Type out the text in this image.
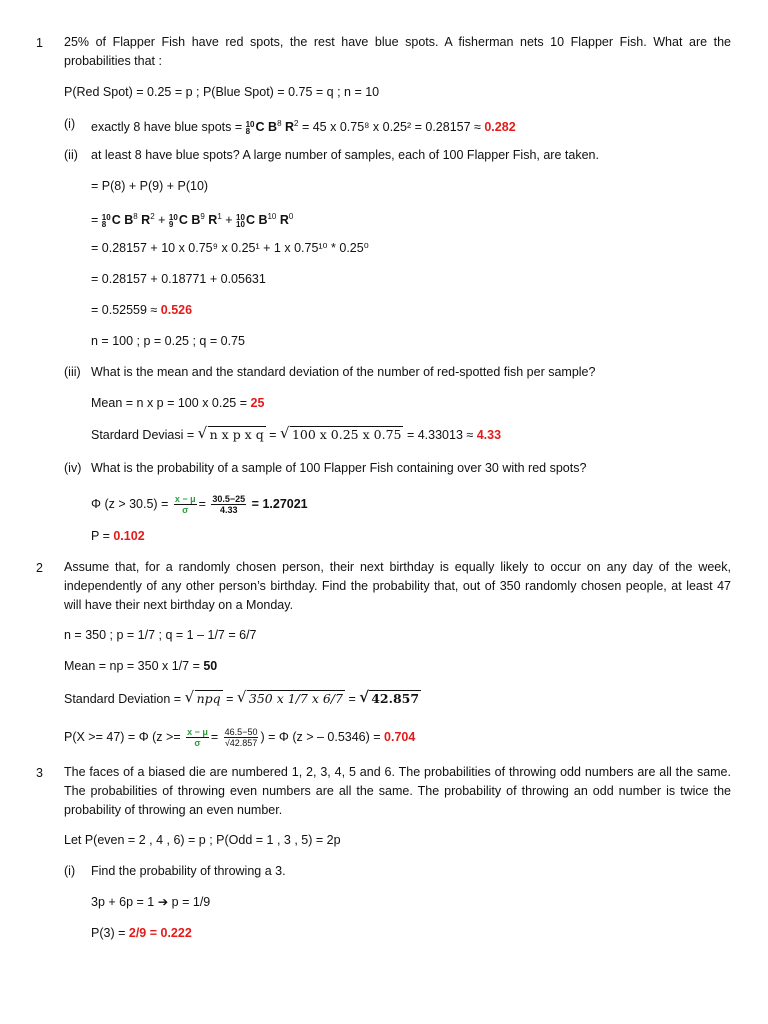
1 25% of Flapper Fish have red spots, the rest have blue spots. A fisherman nets 10 Flapper Fish. What are the probabilities that :
P(Red Spot) = 0.25 = p ; P(Blue Spot) = 0.75 = q ; n = 10
(i) exactly 8 have blue spots = 10
8 C $B^8$ $R^2 = 45$ x 0.75⁸ x 0.25² = 0.28157 ≈ 0.282
(ii) at least 8 have blue spots? A large number of samples, each of 100 Flapper Fish, are taken.
= P(8) + P(9) + P(10)
= 10
8 C $B^8$ $R^2 + 10$
9 C $B^9$ $R^1 + 10$
10 C $B^{10}$ $R^0$
= 0.28157 + 10 x 0.75⁹ x 0.25¹ + 1 x 0.75¹⁰ * 0.25⁰
= 0.28157 + 0.18771 + 0.05631
= 0.52559 ≈ 0.526
n = 100 ; p = 0.25 ; q = 0.75
(iii) What is the mean and the standard deviation of the number of red-spotted fish per sample?
Mean = n x p = 100 x 0.25 = 25
Stardard Deviasi = √ n x p x q = √ 100 x 0.25 x 0.75 = 4.33013 ≈ 4.33
(iv) What is the probability of a sample of 100 Flapper Fish containing over 30 with red spots?
Φ $(z > 30.5) = \frac{x - \mu}{\sigma} = \frac{30.5-25}{4.33} = 1.27021$
P = 0.102
2 Assume that, for a randomly chosen person, their next birthday is equally likely to occur on any day of the week, independently of any other person’s birthday. Find the probability that, out of 350 randomly chosen people, at least 47 will have their next birthday on a Monday.
n = 350 ; p = 1/7 ; q = 1 – 1/7 = 6/7
Mean = np = 350 x 1/7 = 50
Standard Deviation = √ npq = √ 350 x 1/7 x 6/7 = √ 42.857
P(X >= 47) = Φ ($z >= \frac{x - \mu}{\sigma} = \frac{46.5-50}{√42.857}$ ) = Φ (z > – 0.5346) = 0.704
3 The faces of a biased die are numbered 1, 2, 3, 4, 5 and 6. The probabilities of throwing odd numbers are all the same. The probabilities of throwing even numbers are all the same. The probability of throwing an odd number is twice the probability of throwing an even number.
Let P(even = 2 , 4 , 6) = p ; P(Odd = 1 , 3 , 5) = 2p
(i) Find the probability of throwing a 3.
3p + 6p = 1 ➔ p = 1/9
P(3) = 2/9 = 0.222
